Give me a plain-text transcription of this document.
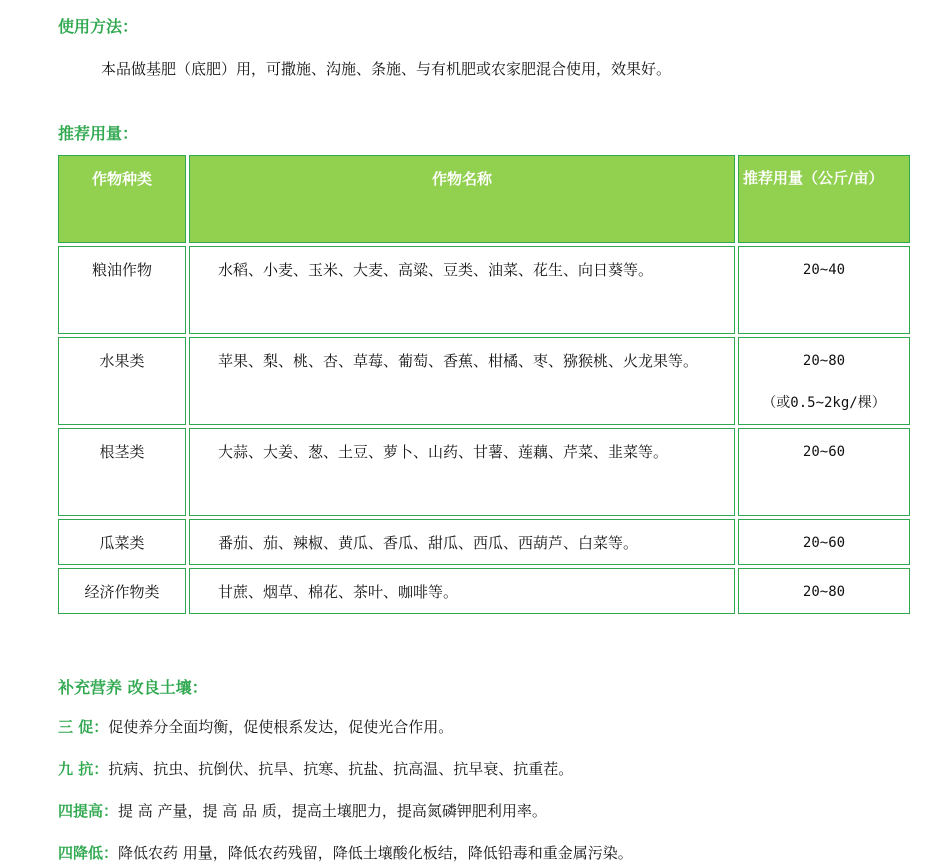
使用方法：
本品做基肥（底肥）用，可撒施、沟施、条施、与有机肥或农家肥混合使用，效果好。
推荐用量：
作物种类	作物名称	推荐用量（公斤/亩）

粮油作物	水稻、小麦、玉米、大麦、高粱、豆类、油菜、花生、向日葵等。	20~40

水果类	苹果、梨、桃、杏、草莓、葡萄、香蕉、柑橘、枣、猕猴桃、火龙果等。	20~80
（或0.5~2kg/棵）

根茎类	大蒜、大姜、葱、土豆、萝卜、山药、甘薯、莲藕、芹菜、韭菜等。	20~60

瓜菜类	番茄、茄、辣椒、黄瓜、香瓜、甜瓜、西瓜、西葫芦、白菜等。	20~60

经济作物类	甘蔗、烟草、棉花、茶叶、咖啡等。	20~80
补充营养 改良土壤：
三 促：促使养分全面均衡，促使根系发达，促使光合作用。
九 抗：抗病、抗虫、抗倒伏、抗旱、抗寒、抗盐、抗高温、抗早衰、抗重茬。
四提高：提 高 产量，提 高 品 质，提高土壤肥力，提高氮磷钾肥利用率。
四降低：降低农药 用量，降低农药残留，降低土壤酸化板结，降低铅毒和重金属污染。
